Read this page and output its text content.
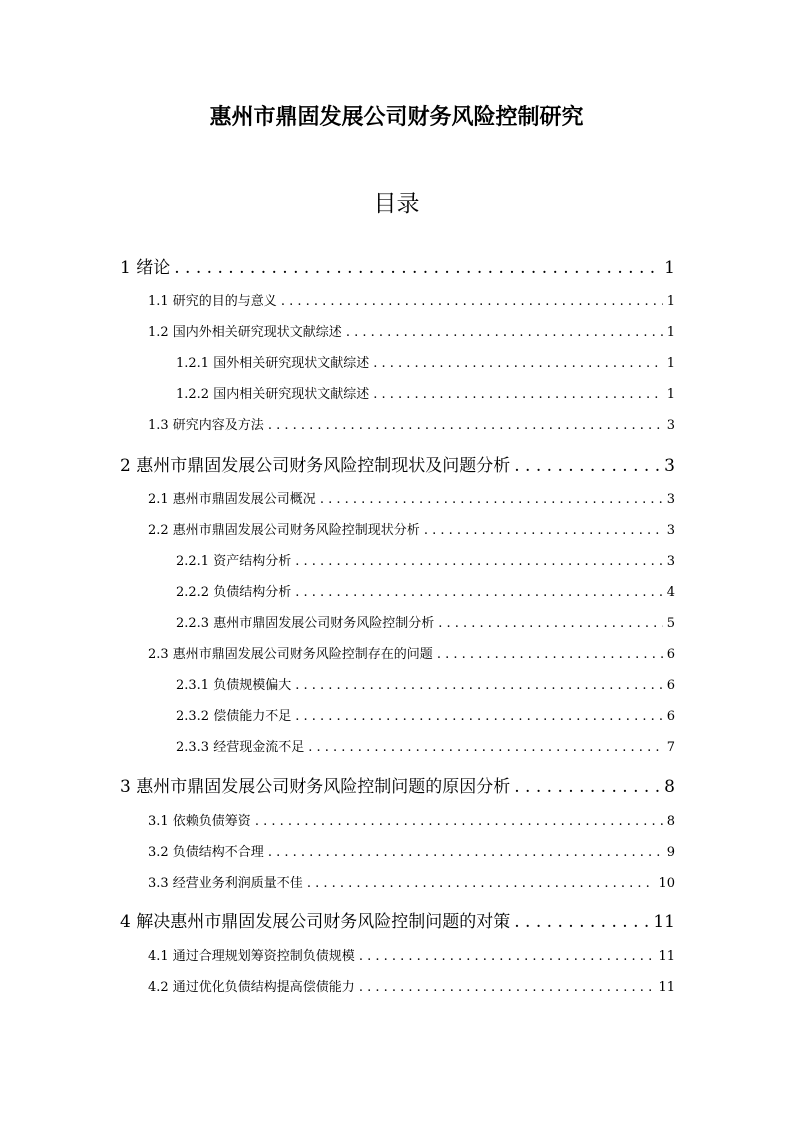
惠州市鼎固发展公司财务风险控制研究
目录
1 绪论 . . .	1
1.1 研究的目的与意义 . . .	1
1.2 国内外相关研究现状文献综述 . . .	1
1.2.1 国外相关研究现状文献综述 . . .	1
1.2.2 国内相关研究现状文献综述 . . .	1
1.3 研究内容及方法 . . .	3
2 惠州市鼎固发展公司财务风险控制现状及问题分析 . . .	3
2.1 惠州市鼎固发展公司概况 . . .	3
2.2 惠州市鼎固发展公司财务风险控制现状分析 . . .	3
2.2.1 资产结构分析 . . .	3
2.2.2 负债结构分析 . . .	4
2.2.3 惠州市鼎固发展公司财务风险控制分析 . . .	5
2.3 惠州市鼎固发展公司财务风险控制存在的问题 . . .	6
2.3.1 负债规模偏大 . . .	6
2.3.2 偿债能力不足 . . .	6
2.3.3 经营现金流不足 . . .	7
3 惠州市鼎固发展公司财务风险控制问题的原因分析 . . .	8
3.1 依赖负债筹资 . . .	8
3.2 负债结构不合理 . . .	9
3.3 经营业务利润质量不佳 . . .	10
4 解决惠州市鼎固发展公司财务风险控制问题的对策 . . .	11
4.1 通过合理规划筹资控制负债规模 . . .	11
4.2 通过优化负债结构提高偿债能力 . . .	11
